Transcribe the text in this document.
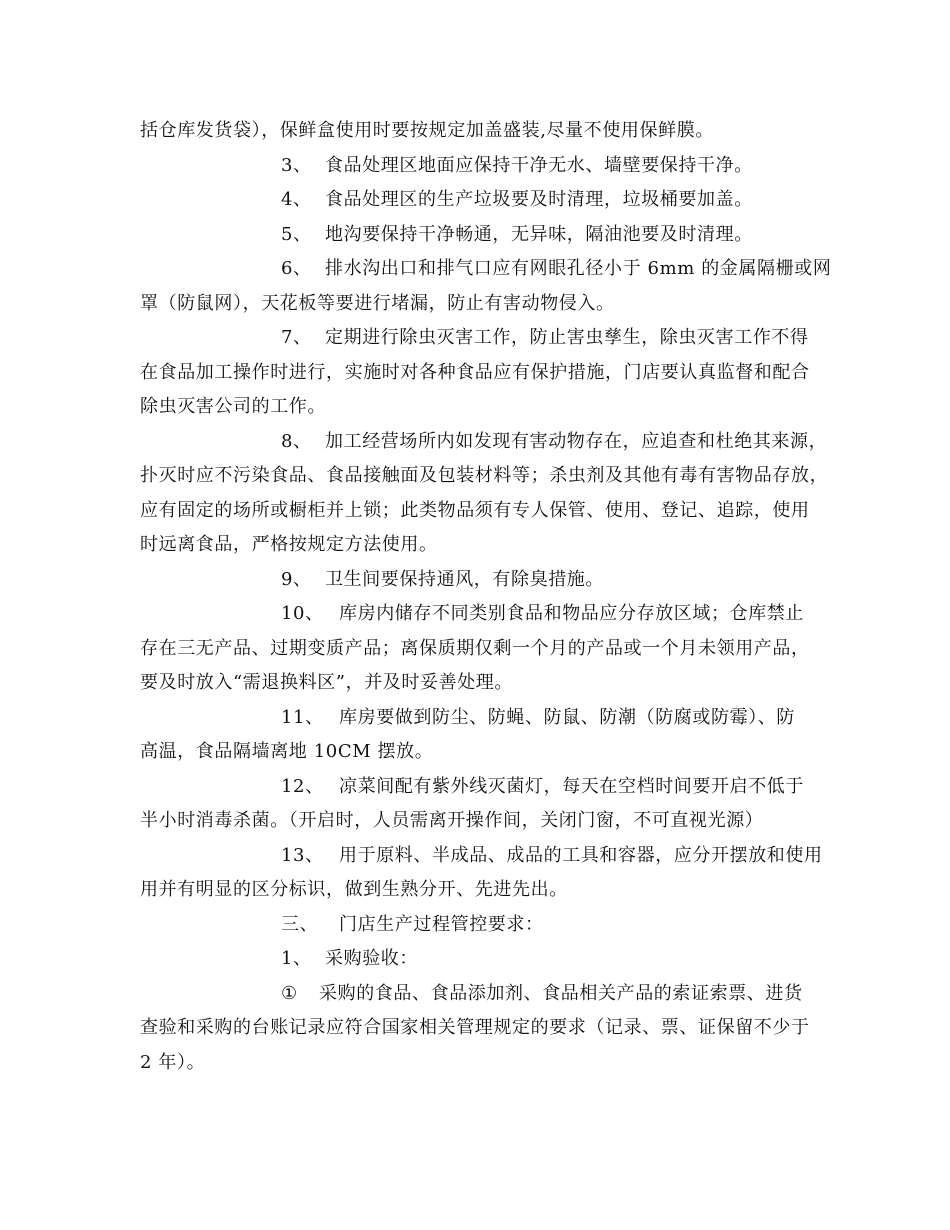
括仓库发货袋），保鲜盒使用时要按规定加盖盛装,尽量不使用保鲜膜。
3、 食品处理区地面应保持干净无水、墙壁要保持干净。
4、 食品处理区的生产垃圾要及时清理，垃圾桶要加盖。
5、 地沟要保持干净畅通，无异味，隔油池要及时清理。
6、 排水沟出口和排气口应有网眼孔径小于 6mm 的金属隔栅或网
罩（防鼠网），天花板等要进行堵漏，防止有害动物侵入。
7、 定期进行除虫灭害工作，防止害虫孳生，除虫灭害工作不得
在食品加工操作时进行，实施时对各种食品应有保护措施，门店要认真监督和配合
除虫灭害公司的工作。
8、 加工经营场所内如发现有害动物存在，应追查和杜绝其来源，
扑灭时应不污染食品、食品接触面及包装材料等；杀虫剂及其他有毒有害物品存放，
应有固定的场所或橱柜并上锁；此类物品须有专人保管、使用、登记、追踪，使用
时远离食品，严格按规定方法使用。
9、 卫生间要保持通风，有除臭措施。
10、 库房内储存不同类别食品和物品应分存放区域；仓库禁止
存在三无产品、过期变质产品；离保质期仅剩一个月的产品或一个月未领用产品，
要及时放入“需退换料区”，并及时妥善处理。
11、 库房要做到防尘、防蝇、防鼠、防潮（防腐或防霉）、防
高温，食品隔墙离地 10CM 摆放。
12、 凉菜间配有紫外线灭菌灯，每天在空档时间要开启不低于
半小时消毒杀菌。（开启时，人员需离开操作间，关闭门窗，不可直视光源）
13、 用于原料、半成品、成品的工具和容器，应分开摆放和使用
用并有明显的区分标识，做到生熟分开、先进先出。
三、 门店生产过程管控要求：
1、 采购验收：
① 采购的食品、食品添加剂、食品相关产品的索证索票、进货
查验和采购的台账记录应符合国家相关管理规定的要求（记录、票、证保留不少于
2 年）。
